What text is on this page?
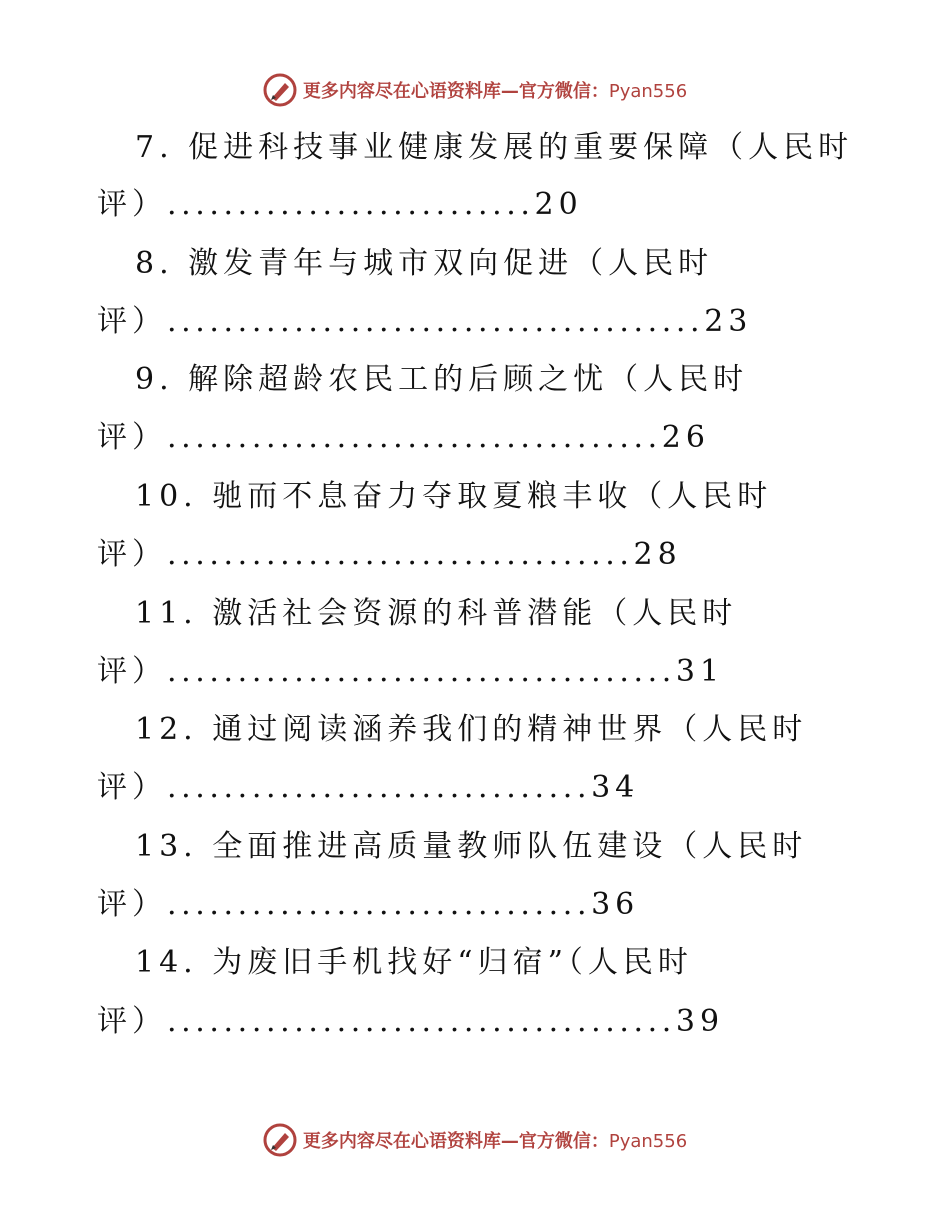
更多内容尽在心语资料库—官方微信：Pyan556
7. 促进科技事业健康发展的重要保障（人民时
评）..........................20
8. 激发青年与城市双向促进（人民时
评）......................................23
9. 解除超龄农民工的后顾之忧（人民时
评）...................................26
10. 驰而不息奋力夺取夏粮丰收（人民时
评）.................................28
11. 激活社会资源的科普潜能（人民时
评）....................................31
12. 通过阅读涵养我们的精神世界（人民时
评）..............................34
13. 全面推进高质量教师队伍建设（人民时
评）..............................36
14. 为废旧手机找好“归宿”（人民时
评）....................................39
更多内容尽在心语资料库—官方微信：Pyan556
